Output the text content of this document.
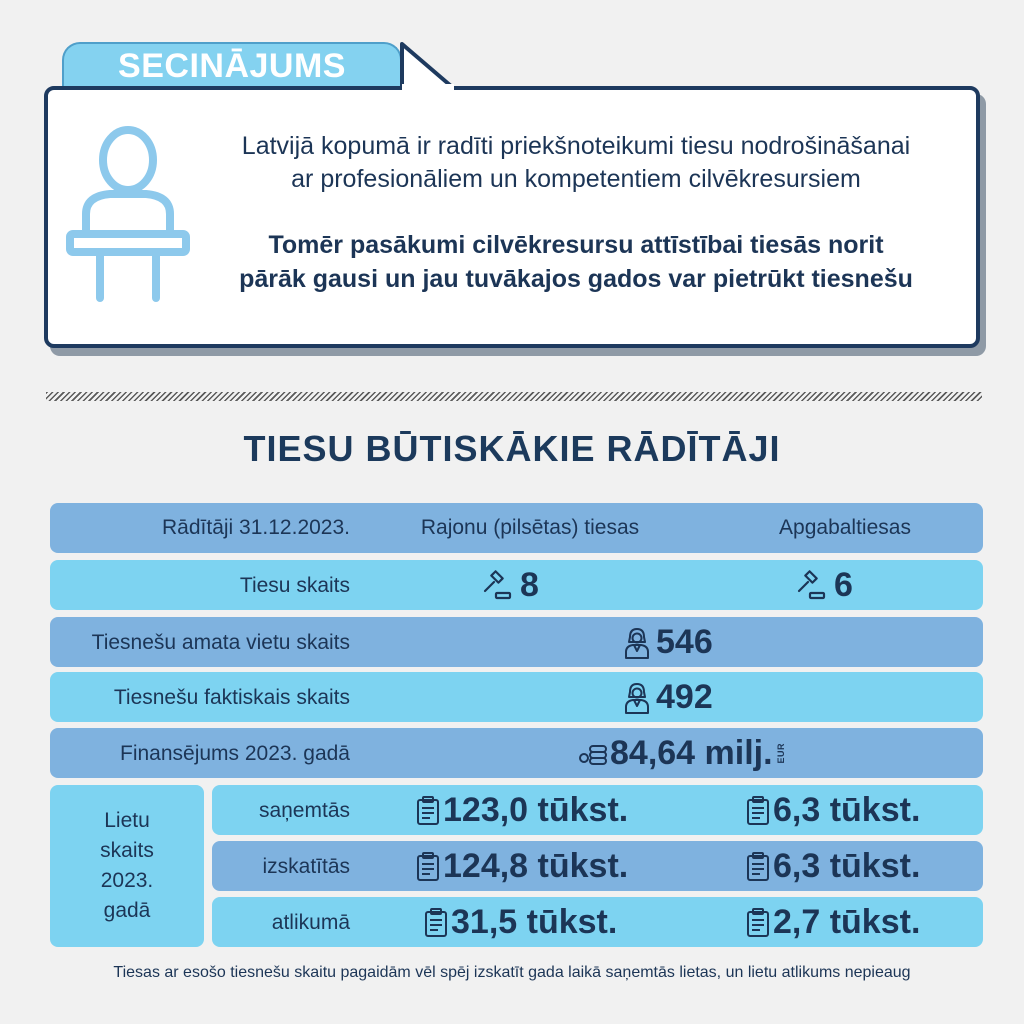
SECINĀJUMS
Latvijā kopumā ir radīti priekšnoteikumi tiesu nodrošināšanai
ar profesionāliem un kompetentiem cilvēkresursiem
Tomēr pasākumi cilvēkresursu attīstībai tiesās norit
pārāk gausi un jau tuvākajos gados var pietrūkt tiesnešu
TIESU BŪTISKĀKIE RĀDĪTĀJI
Rādītāji 31.12.2023.	Rajonu (pilsētas) tiesas	Apgabaltiesas
Tiesu skaits	8	6
Tiesnešu amata vietu skaits	546
Tiesnešu faktiskais skaits	492
Finansējums 2023. gadā	84,64 milj. EUR
Lietu
skaits
2023.
gadā
saņemtās	123,0 tūkst.	6,3 tūkst.
izskatītās	124,8 tūkst.	6,3 tūkst.
atlikumā	31,5 tūkst.	2,7 tūkst.
Tiesas ar esošo tiesnešu skaitu pagaidām vēl spēj izskatīt gada laikā saņemtās lietas, un lietu atlikums nepieaug
